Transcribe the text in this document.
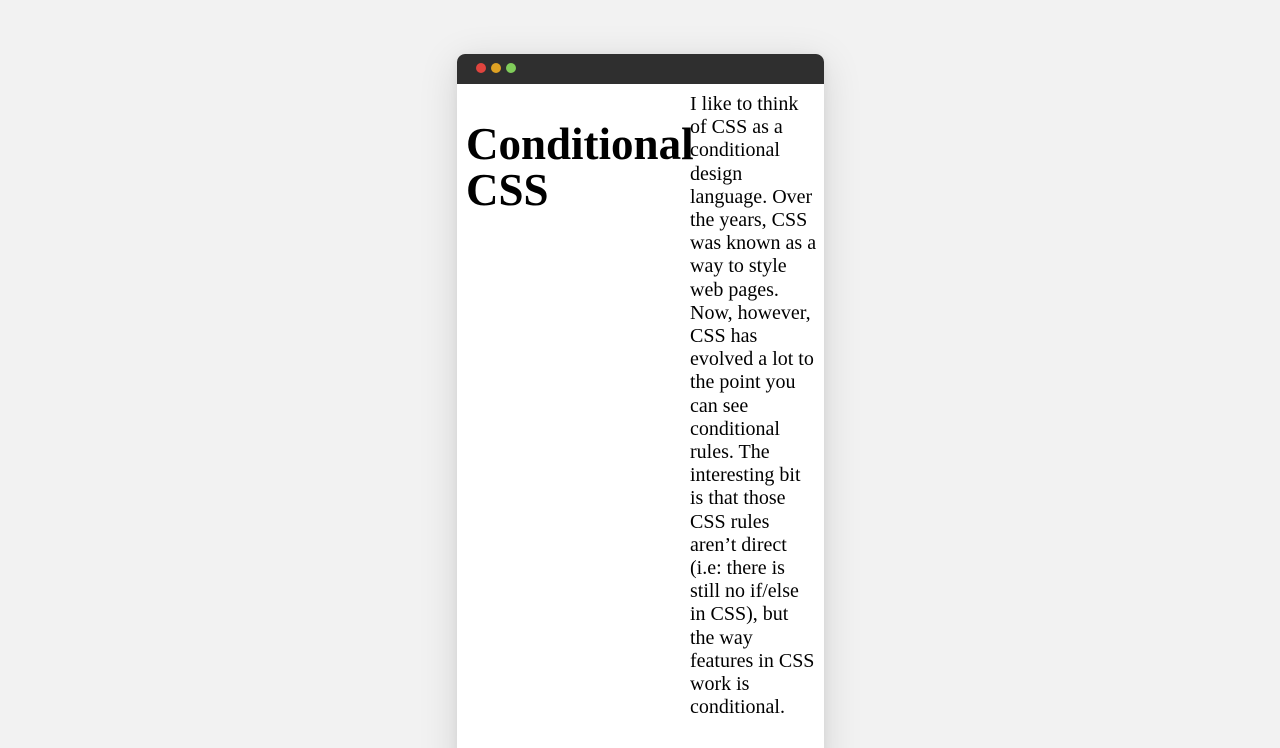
Conditional CSS

I like to think of CSS as a conditional design language. Over the years, CSS was known as a way to style web pages. Now, however, CSS has evolved a lot to the point you can see conditional rules. The interesting bit is that those CSS rules aren’t direct (i.e: there is still no if/else in CSS), but the way features in CSS work is conditional.
